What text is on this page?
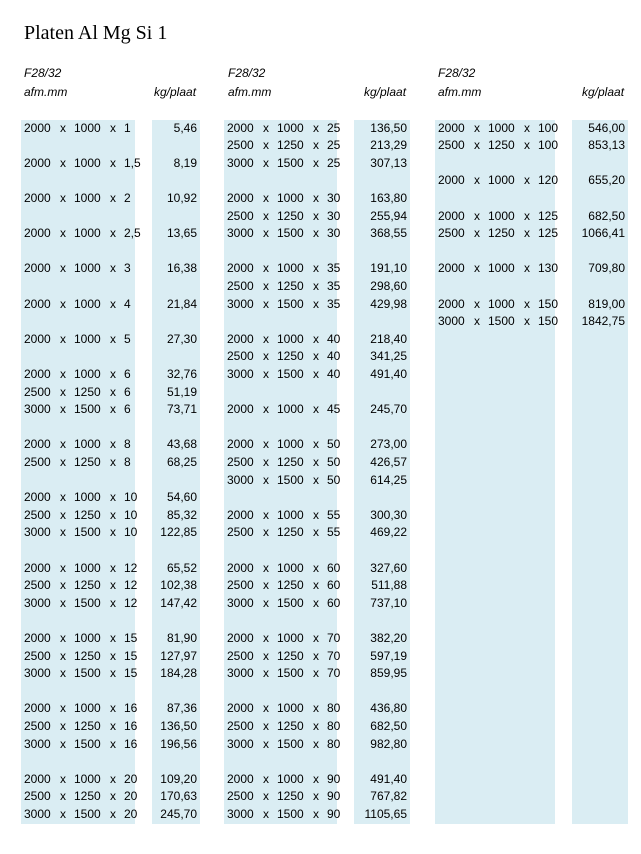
Platen Al Mg Si 1
F28/32
afm.mm	kg/plaat
2000 x 1000 x 1	5,46
2000 x 1000 x 1,5	8,19
2000 x 1000 x 2	10,92
2000 x 1000 x 2,5	13,65
2000 x 1000 x 3	16,38
2000 x 1000 x 4	21,84
2000 x 1000 x 5	27,30
2000 x 1000 x 6	32,76
2500 x 1250 x 6	51,19
3000 x 1500 x 6	73,71
2000 x 1000 x 8	43,68
2500 x 1250 x 8	68,25
2000 x 1000 x 10	54,60
2500 x 1250 x 10	85,32
3000 x 1500 x 10	122,85
2000 x 1000 x 12	65,52
2500 x 1250 x 12	102,38
3000 x 1500 x 12	147,42
2000 x 1000 x 15	81,90
2500 x 1250 x 15	127,97
3000 x 1500 x 15	184,28
2000 x 1000 x 16	87,36
2500 x 1250 x 16	136,50
3000 x 1500 x 16	196,56
2000 x 1000 x 20	109,20
2500 x 1250 x 20	170,63
3000 x 1500 x 20	245,70
F28/32
afm.mm	kg/plaat
2000 x 1000 x 25	136,50
2500 x 1250 x 25	213,29
3000 x 1500 x 25	307,13
2000 x 1000 x 30	163,80
2500 x 1250 x 30	255,94
3000 x 1500 x 30	368,55
2000 x 1000 x 35	191,10
2500 x 1250 x 35	298,60
3000 x 1500 x 35	429,98
2000 x 1000 x 40	218,40
2500 x 1250 x 40	341,25
3000 x 1500 x 40	491,40
2000 x 1000 x 45	245,70
2000 x 1000 x 50	273,00
2500 x 1250 x 50	426,57
3000 x 1500 x 50	614,25
2000 x 1000 x 55	300,30
2500 x 1250 x 55	469,22
2000 x 1000 x 60	327,60
2500 x 1250 x 60	511,88
3000 x 1500 x 60	737,10
2000 x 1000 x 70	382,20
2500 x 1250 x 70	597,19
3000 x 1500 x 70	859,95
2000 x 1000 x 80	436,80
2500 x 1250 x 80	682,50
3000 x 1500 x 80	982,80
2000 x 1000 x 90	491,40
2500 x 1250 x 90	767,82
3000 x 1500 x 90	1105,65
F28/32
afm.mm	kg/plaat
2000 x 1000 x 100	546,00
2500 x 1250 x 100	853,13
2000 x 1000 x 120	655,20
2000 x 1000 x 125	682,50
2500 x 1250 x 125	1066,41
2000 x 1000 x 130	709,80
2000 x 1000 x 150	819,00
3000 x 1500 x 150	1842,75
